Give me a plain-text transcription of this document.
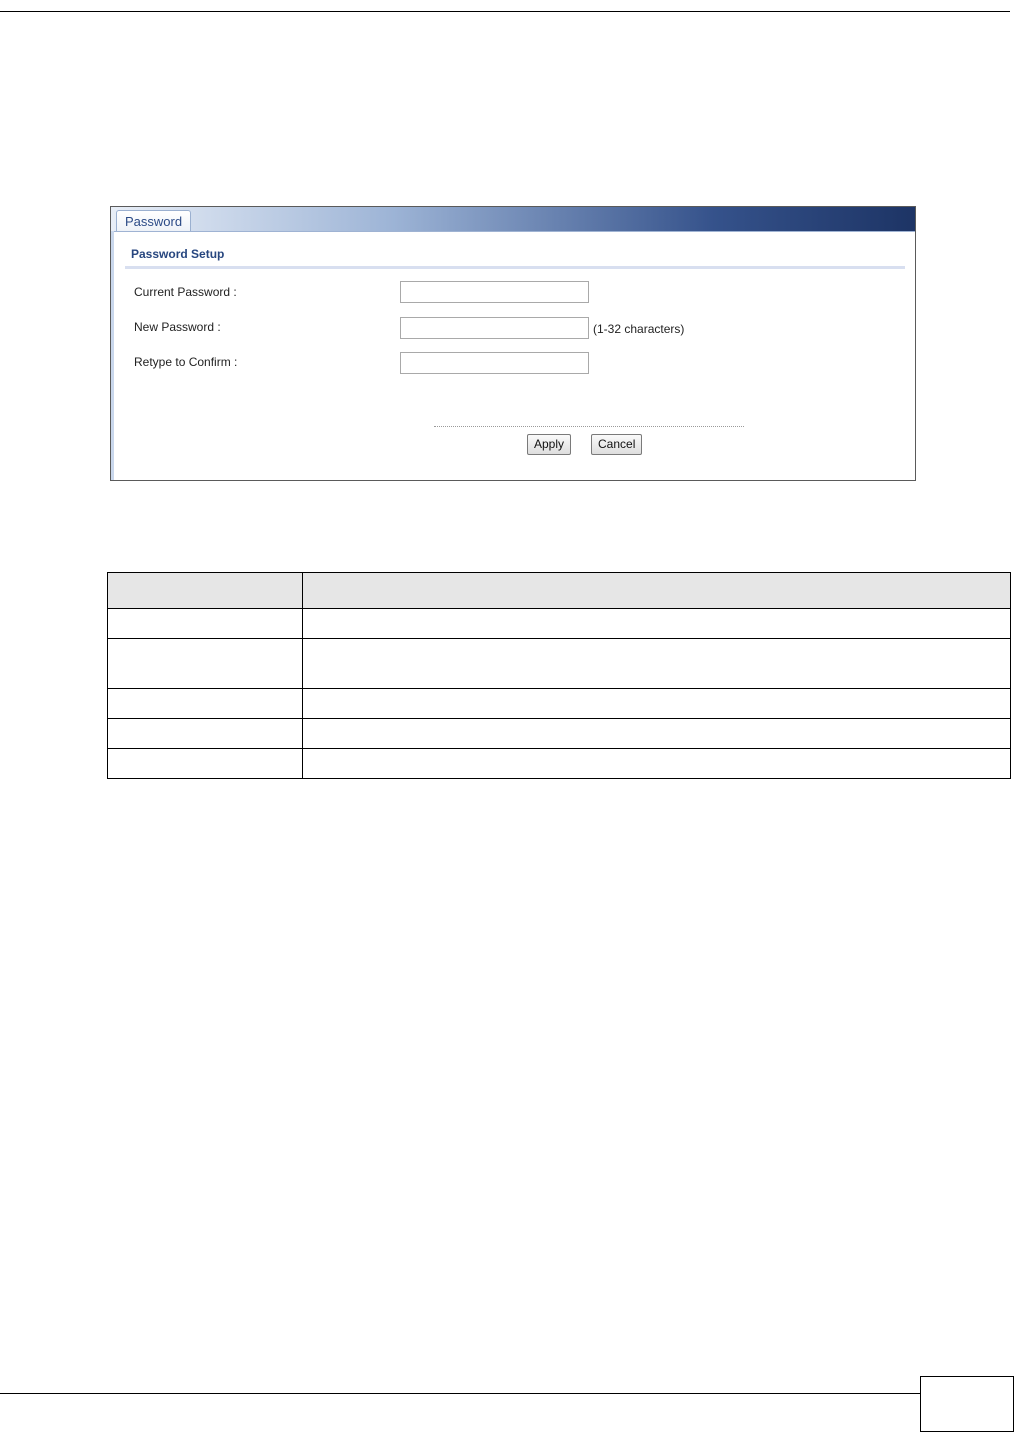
Password
Password Setup
Current Password :
New Password :	(1-32 characters)
Retype to Confirm :
Apply	Cancel
